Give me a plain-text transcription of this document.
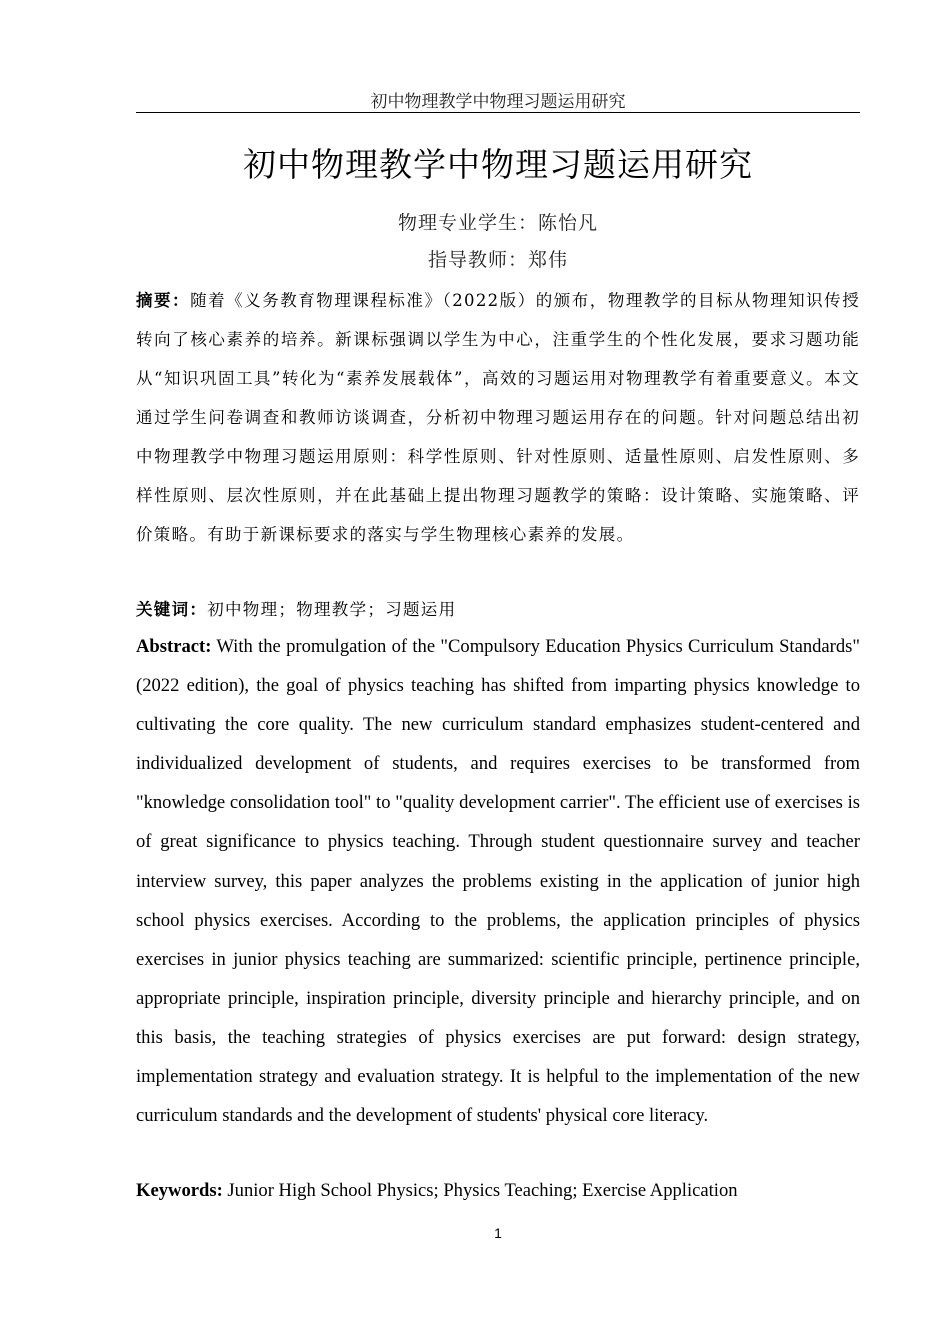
初中物理教学中物理习题运用研究
初中物理教学中物理习题运用研究
物理专业学生：陈怡凡
指导教师：郑伟
摘要：随着《义务教育物理课程标准》（2022版）的颁布，物理教学的目标从物理知识传授转向了核心素养的培养。新课标强调以学生为中心，注重学生的个性化发展，要求习题功能从“知识巩固工具”转化为“素养发展载体”，高效的习题运用对物理教学有着重要意义。本文通过学生问卷调查和教师访谈调查，分析初中物理习题运用存在的问题。针对问题总结出初中物理教学中物理习题运用原则：科学性原则、针对性原则、适量性原则、启发性原则、多样性原则、层次性原则，并在此基础上提出物理习题教学的策略：设计策略、实施策略、评价策略。有助于新课标要求的落实与学生物理核心素养的发展。
关键词：初中物理；物理教学；习题运用
Abstract: With the promulgation of the "Compulsory Education Physics Curriculum Standards" (2022 edition), the goal of physics teaching has shifted from imparting physics knowledge to cultivating the core quality. The new curriculum standard emphasizes student-centered and individualized development of students, and requires exercises to be transformed from "knowledge consolidation tool" to "quality development carrier". The efficient use of exercises is of great significance to physics teaching. Through student questionnaire survey and teacher interview survey, this paper analyzes the problems existing in the application of junior high school physics exercises. According to the problems, the application principles of physics exercises in junior physics teaching are summarized: scientific principle, pertinence principle, appropriate principle, inspiration principle, diversity principle and hierarchy principle, and on this basis, the teaching strategies of physics exercises are put forward: design strategy, implementation strategy and evaluation strategy. It is helpful to the implementation of the new curriculum standards and the development of students' physical core literacy.
Keywords: Junior High School Physics; Physics Teaching; Exercise Application
1
